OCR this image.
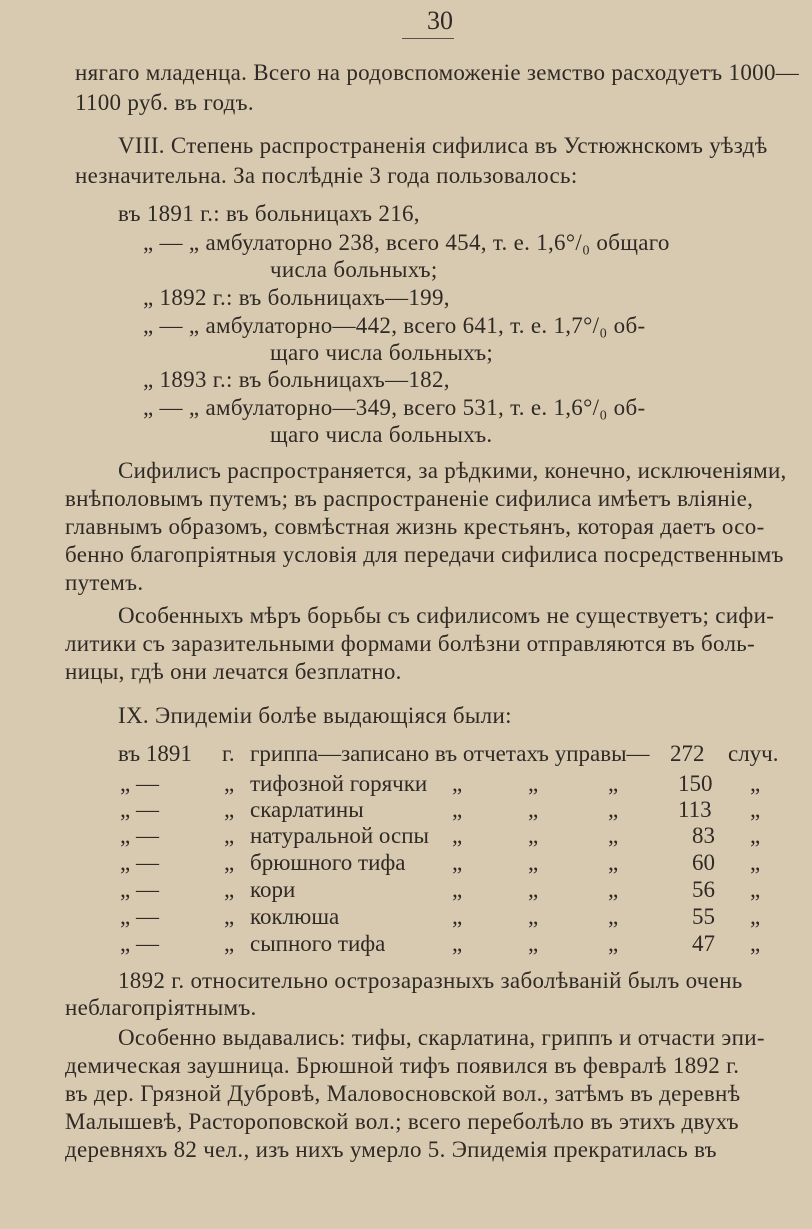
30
нягаго младенца. Всего на родовспоможеніе земство расходуетъ 1000—
1100 руб. въ годъ.
VIII. Степень распространенія сифилиса въ Устюжнскомъ уѣздѣ
незначительна. За послѣдніе 3 года пользовалось:
въ 1891 г.: въ больницахъ 216,
„ — „ амбулаторно 238, всего 454, т. е. 1,6°/₀ общаго
числа больныхъ;
„ 1892 г.: въ больницахъ—199,
„ — „ амбулаторно—442, всего 641, т. е. 1,7°/₀ об-
щаго числа больныхъ;
„ 1893 г.: въ больницахъ—182,
„ — „ амбулаторно—349, всего 531, т. е. 1,6°/₀ об-
щаго числа больныхъ.
Сифилисъ распространяется, за рѣдкими, конечно, исключеніями,
внѣполовымъ путемъ; въ распространеніе сифилиса имѣетъ вліяніе,
главнымъ образомъ, совмѣстная жизнь крестьянъ, которая даетъ осо-
бенно благопріятныя условія для передачи сифилиса посредственнымъ
путемъ.
Особенныхъ мѣръ борьбы съ сифилисомъ не существуетъ; сифи-
литики съ заразительными формами болѣзни отправляются въ боль-
ницы, гдѣ они лечатся безплатно.
IX. Эпидеміи болѣе выдающіяся были:
въ 1891 г. гриппа—записано въ отчетахъ управы— 272 случ.
„ —	„ тифозной горячки „	„	„	150 „
„ —	„ скарлатины	„	„	„	113 „
„ —	„ натуральной оспы „	„	„	83 „
„ —	„ брюшного тифа „	„	„	60 „
„ —	„ кори	„	„	„	56 „
„ —	„ коклюша	„	„	„	55 „
„ —	„ сыпного тифа	„	„	„	47 „
1892 г. относительно острозаразныхъ заболѣваній былъ очень
неблагопріятнымъ.
Особенно выдавались: тифы, скарлатина, гриппъ и отчасти эпи-
демическая заушница. Брюшной тифъ появился въ февралѣ 1892 г.
въ дер. Грязной Дубровѣ, Маловосновской вол., затѣмъ въ деревнѣ
Малышевѣ, Растороповской вол.; всего переболѣло въ этихъ двухъ
деревняхъ 82 чел., изъ нихъ умерло 5. Эпидемія прекратилась въ
